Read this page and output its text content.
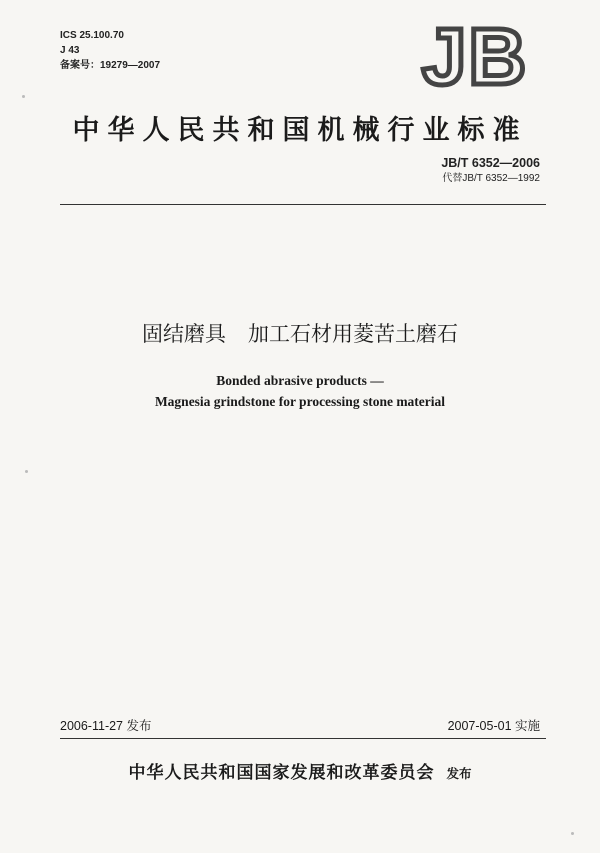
ICS 25.100.70
J 43
备案号：19279—2007	JB
中华人民共和国机械行业标准
JB/T 6352—2006
代替JB/T 6352—1992
固结磨具 加工石材用菱苦土磨石
Bonded abrasive products —
Magnesia grindstone for processing stone material
2006-11-27 发布	2007-05-01 实施
中华人民共和国国家发展和改革委员会 发布
